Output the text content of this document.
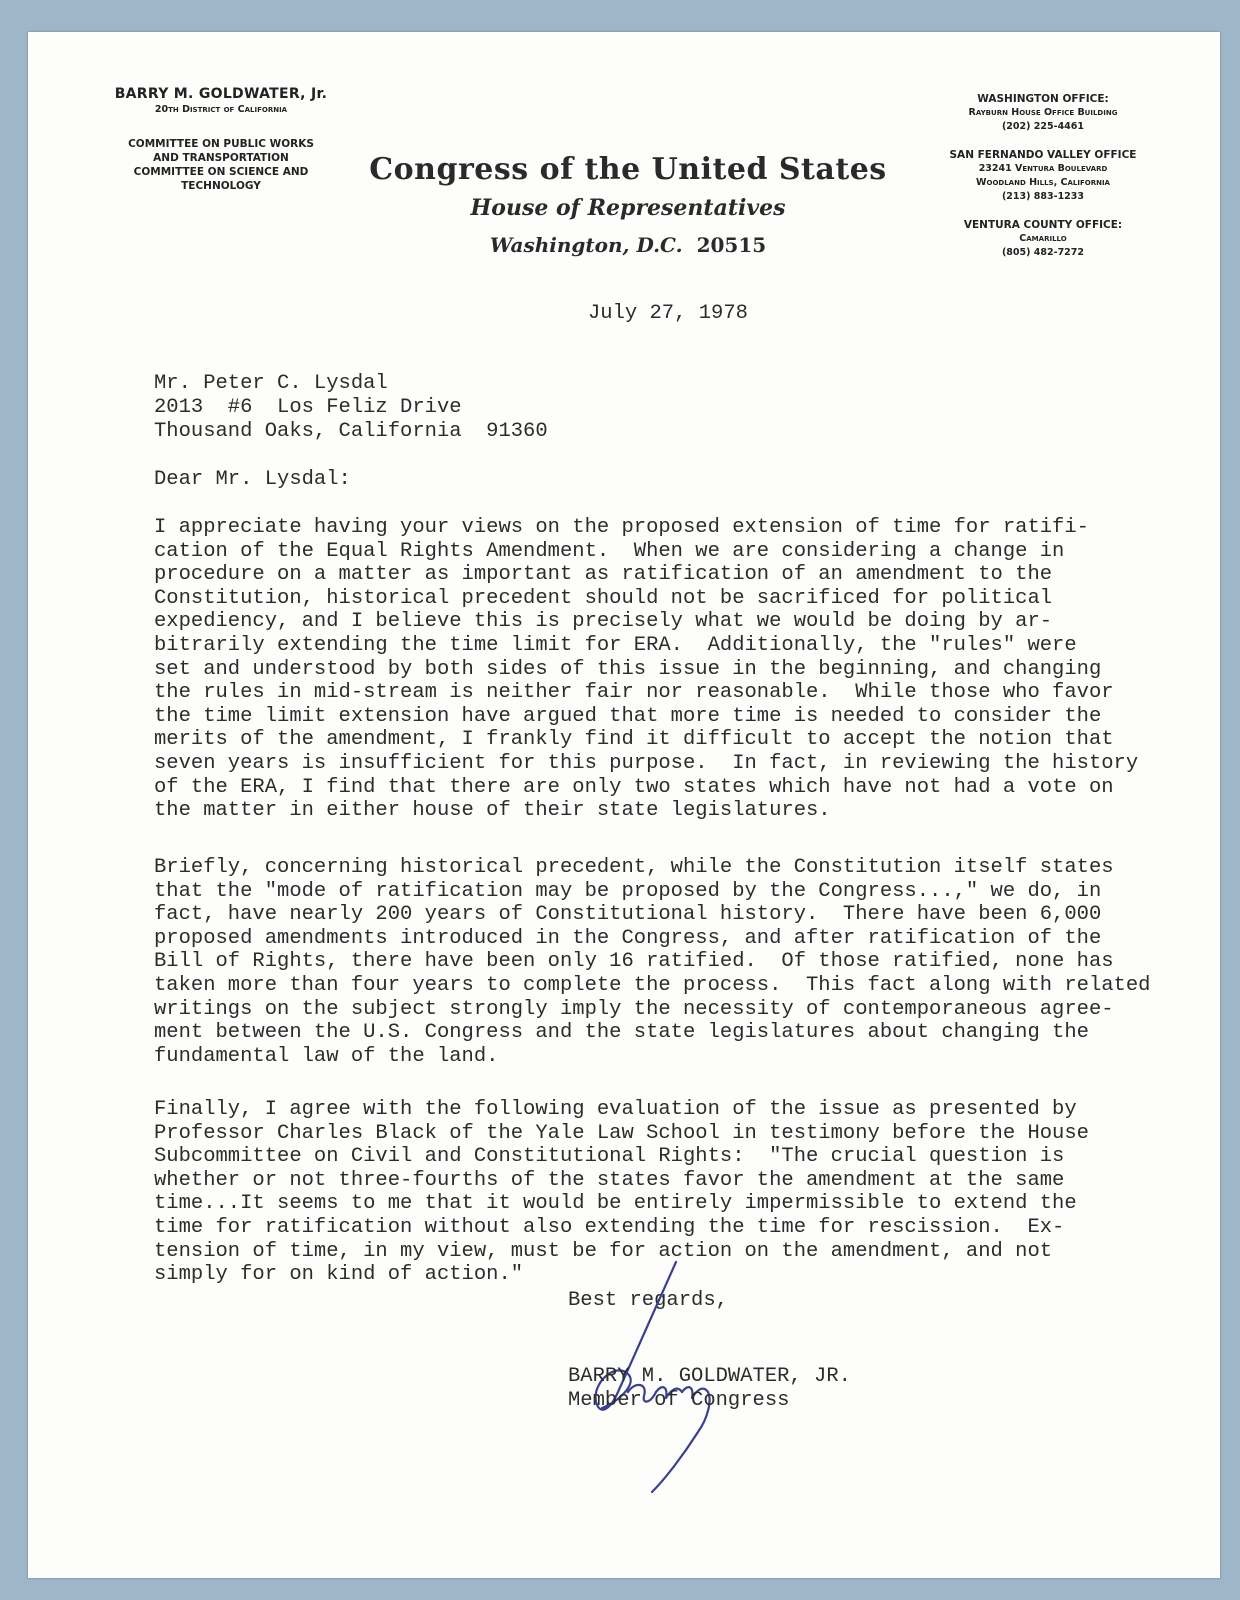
BARRY M. GOLDWATER, Jr.
20th District of California
COMMITTEE ON PUBLIC WORKS
AND TRANSPORTATION
COMMITTEE ON SCIENCE AND
TECHNOLOGY	Congress of the United States
House of Representatives
Washington, D.C. 20515
WASHINGTON OFFICE:
Rayburn House Office Building
(202) 225-4461
SAN FERNANDO VALLEY OFFICE
23241 Ventura Boulevard
Woodland Hills, California
(213) 883-1233
VENTURA COUNTY OFFICE:
Camarillo
(805) 482-7272
July 27, 1978
Mr. Peter C. Lysdal
2013  #6  Los Feliz Drive
Thousand Oaks, California  91360
Dear Mr. Lysdal:
I appreciate having your views on the proposed extension of time for ratifi-
cation of the Equal Rights Amendment.  When we are considering a change in
procedure on a matter as important as ratification of an amendment to the
Constitution, historical precedent should not be sacrificed for political
expediency, and I believe this is precisely what we would be doing by ar-
bitrarily extending the time limit for ERA.  Additionally, the "rules" were
set and understood by both sides of this issue in the beginning, and changing
the rules in mid-stream is neither fair nor reasonable.  While those who favor
the time limit extension have argued that more time is needed to consider the
merits of the amendment, I frankly find it difficult to accept the notion that
seven years is insufficient for this purpose.  In fact, in reviewing the history
of the ERA, I find that there are only two states which have not had a vote on
the matter in either house of their state legislatures.
Briefly, concerning historical precedent, while the Constitution itself states
that the "mode of ratification may be proposed by the Congress...," we do, in
fact, have nearly 200 years of Constitutional history.  There have been 6,000
proposed amendments introduced in the Congress, and after ratification of the
Bill of Rights, there have been only 16 ratified.  Of those ratified, none has
taken more than four years to complete the process.  This fact along with related
writings on the subject strongly imply the necessity of contemporaneous agree-
ment between the U.S. Congress and the state legislatures about changing the
fundamental law of the land.
Finally, I agree with the following evaluation of the issue as presented by
Professor Charles Black of the Yale Law School in testimony before the House
Subcommittee on Civil and Constitutional Rights:  "The crucial question is
whether or not three-fourths of the states favor the amendment at the same
time...It seems to me that it would be entirely impermissible to extend the
time for ratification without also extending the time for rescission.  Ex-
tension of time, in my view, must be for action on the amendment, and not
simply for on kind of action."
Best regards,
BARRY M. GOLDWATER, JR.
Member of Congress
